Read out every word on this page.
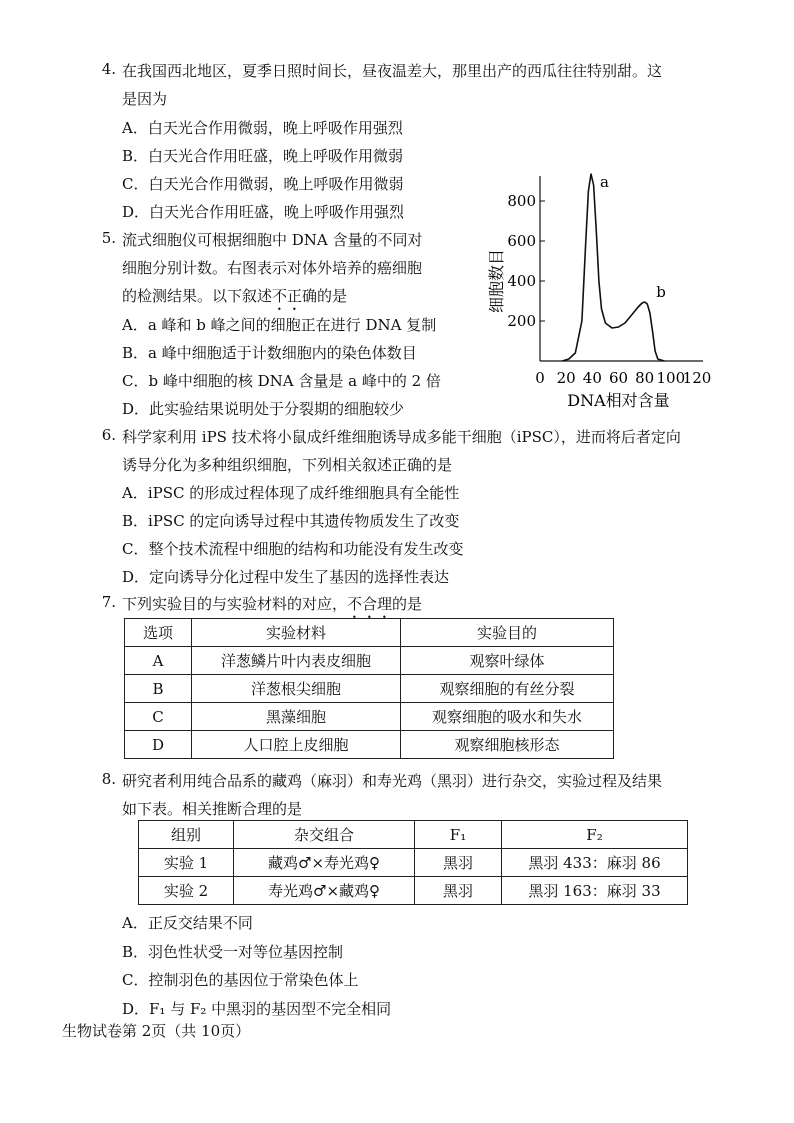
4. 在我国西北地区，夏季日照时间长，昼夜温差大，那里出产的西瓜往往特别甜。这
是因为
A．白天光合作用微弱，晚上呼吸作用强烈
B．白天光合作用旺盛，晚上呼吸作用微弱
C．白天光合作用微弱，晚上呼吸作用微弱
D．白天光合作用旺盛，晚上呼吸作用强烈
5. 流式细胞仪可根据细胞中 DNA 含量的不同对
细胞分别计数。右图表示对体外培养的癌细胞
的检测结果。以下叙述不正确的是
A．a 峰和 b 峰之间的细胞正在进行 DNA 复制
B．a 峰中细胞适于计数细胞内的染色体数目
C．b 峰中细胞的核 DNA 含量是 a 峰中的 2 倍
D．此实验结果说明处于分裂期的细胞较少
200
400
600
800
0 20 40 60 80 100
120
a
b
DNA相对含量
细胞数目
6. 科学家利用 iPS 技术将小鼠成纤维细胞诱导成多能干细胞（iPSC），进而将后者定向
诱导分化为多种组织细胞，下列相关叙述正确的是
A．iPSC 的形成过程体现了成纤维细胞具有全能性
B．iPSC 的定向诱导过程中其遗传物质发生了改变
C．整个技术流程中细胞的结构和功能没有发生改变
D．定向诱导分化过程中发生了基因的选择性表达
7. 下列实验目的与实验材料的对应，不合理的是
选项	实验材料	实验目的
A	洋葱鳞片叶内表皮细胞	观察叶绿体
B	洋葱根尖细胞	观察细胞的有丝分裂
C	黑藻细胞	观察细胞的吸水和失水
D	人口腔上皮细胞	观察细胞核形态
8. 研究者利用纯合品系的藏鸡（麻羽）和寿光鸡（黑羽）进行杂交，实验过程及结果
如下表。相关推断合理的是
组别	杂交组合	F₁	F₂
实验 1	藏鸡♂×寿光鸡♀	黑羽	黑羽 433：麻羽 86
实验 2	寿光鸡♂×藏鸡♀	黑羽	黑羽 163：麻羽 33
A．正反交结果不同
B．羽色性状受一对等位基因控制
C．控制羽色的基因位于常染色体上
D．F₁ 与 F₂ 中黑羽的基因型不完全相同
生物试卷第 2页（共 10页）
